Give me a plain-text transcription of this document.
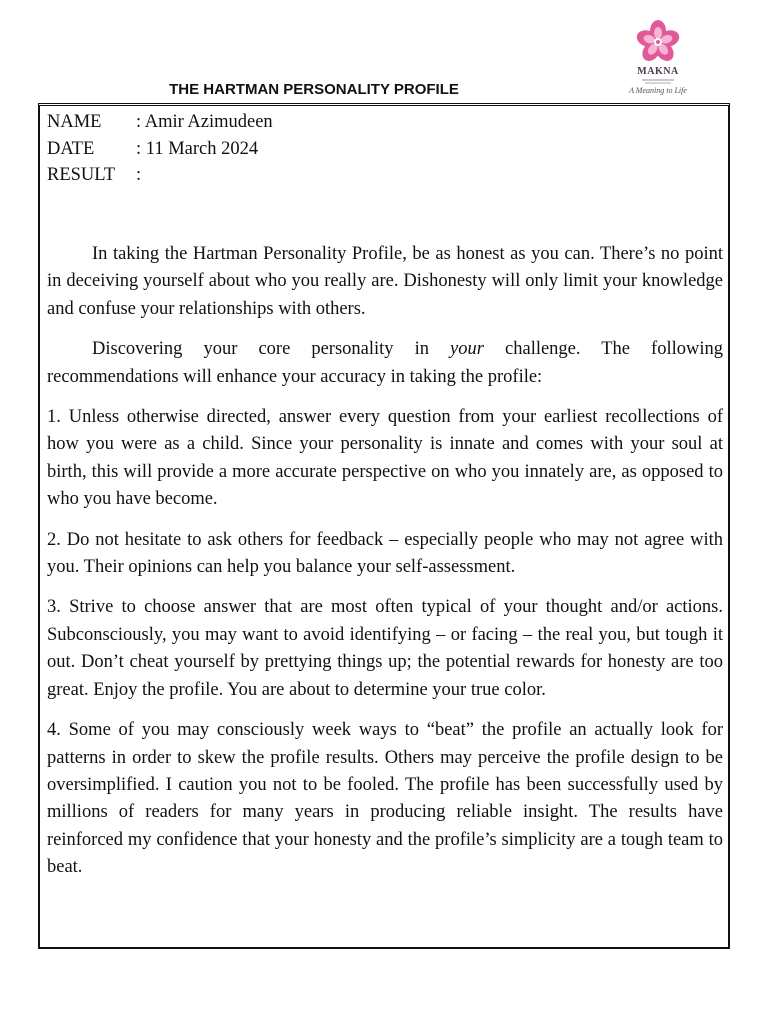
MAKNA
A Meaning to Life
THE HARTMAN PERSONALITY PROFILE
NAME	: Amir Azimudeen
DATE	: 11 March 2024
RESULT	:

In taking the Hartman Personality Profile, be as honest as you can. There’s no point in deceiving yourself about who you really are. Dishonesty will only limit your knowledge and confuse your relationships with others.

Discovering your core personality in your challenge. The following recommendations will enhance your accuracy in taking the profile:

1. Unless otherwise directed, answer every question from your earliest recollections of how you were as a child. Since your personality is innate and comes with your soul at birth, this will provide a more accurate perspective on who you innately are, as opposed to who you have become.

2. Do not hesitate to ask others for feedback – especially people who may not agree with you. Their opinions can help you balance your self-assessment.

3. Strive to choose answer that are most often typical of your thought and/or actions. Subconsciously, you may want to avoid identifying – or facing – the real you, but tough it out. Don’t cheat yourself by prettying things up; the potential rewards for honesty are too great. Enjoy the profile. You are about to determine your true color.

4. Some of you may consciously week ways to “beat” the profile an actually look for patterns in order to skew the profile results. Others may perceive the profile design to be oversimplified. I caution you not to be fooled. The profile has been successfully used by millions of readers for many years in producing reliable insight. The results have reinforced my confidence that your honesty and the profile’s simplicity are a tough team to beat.
